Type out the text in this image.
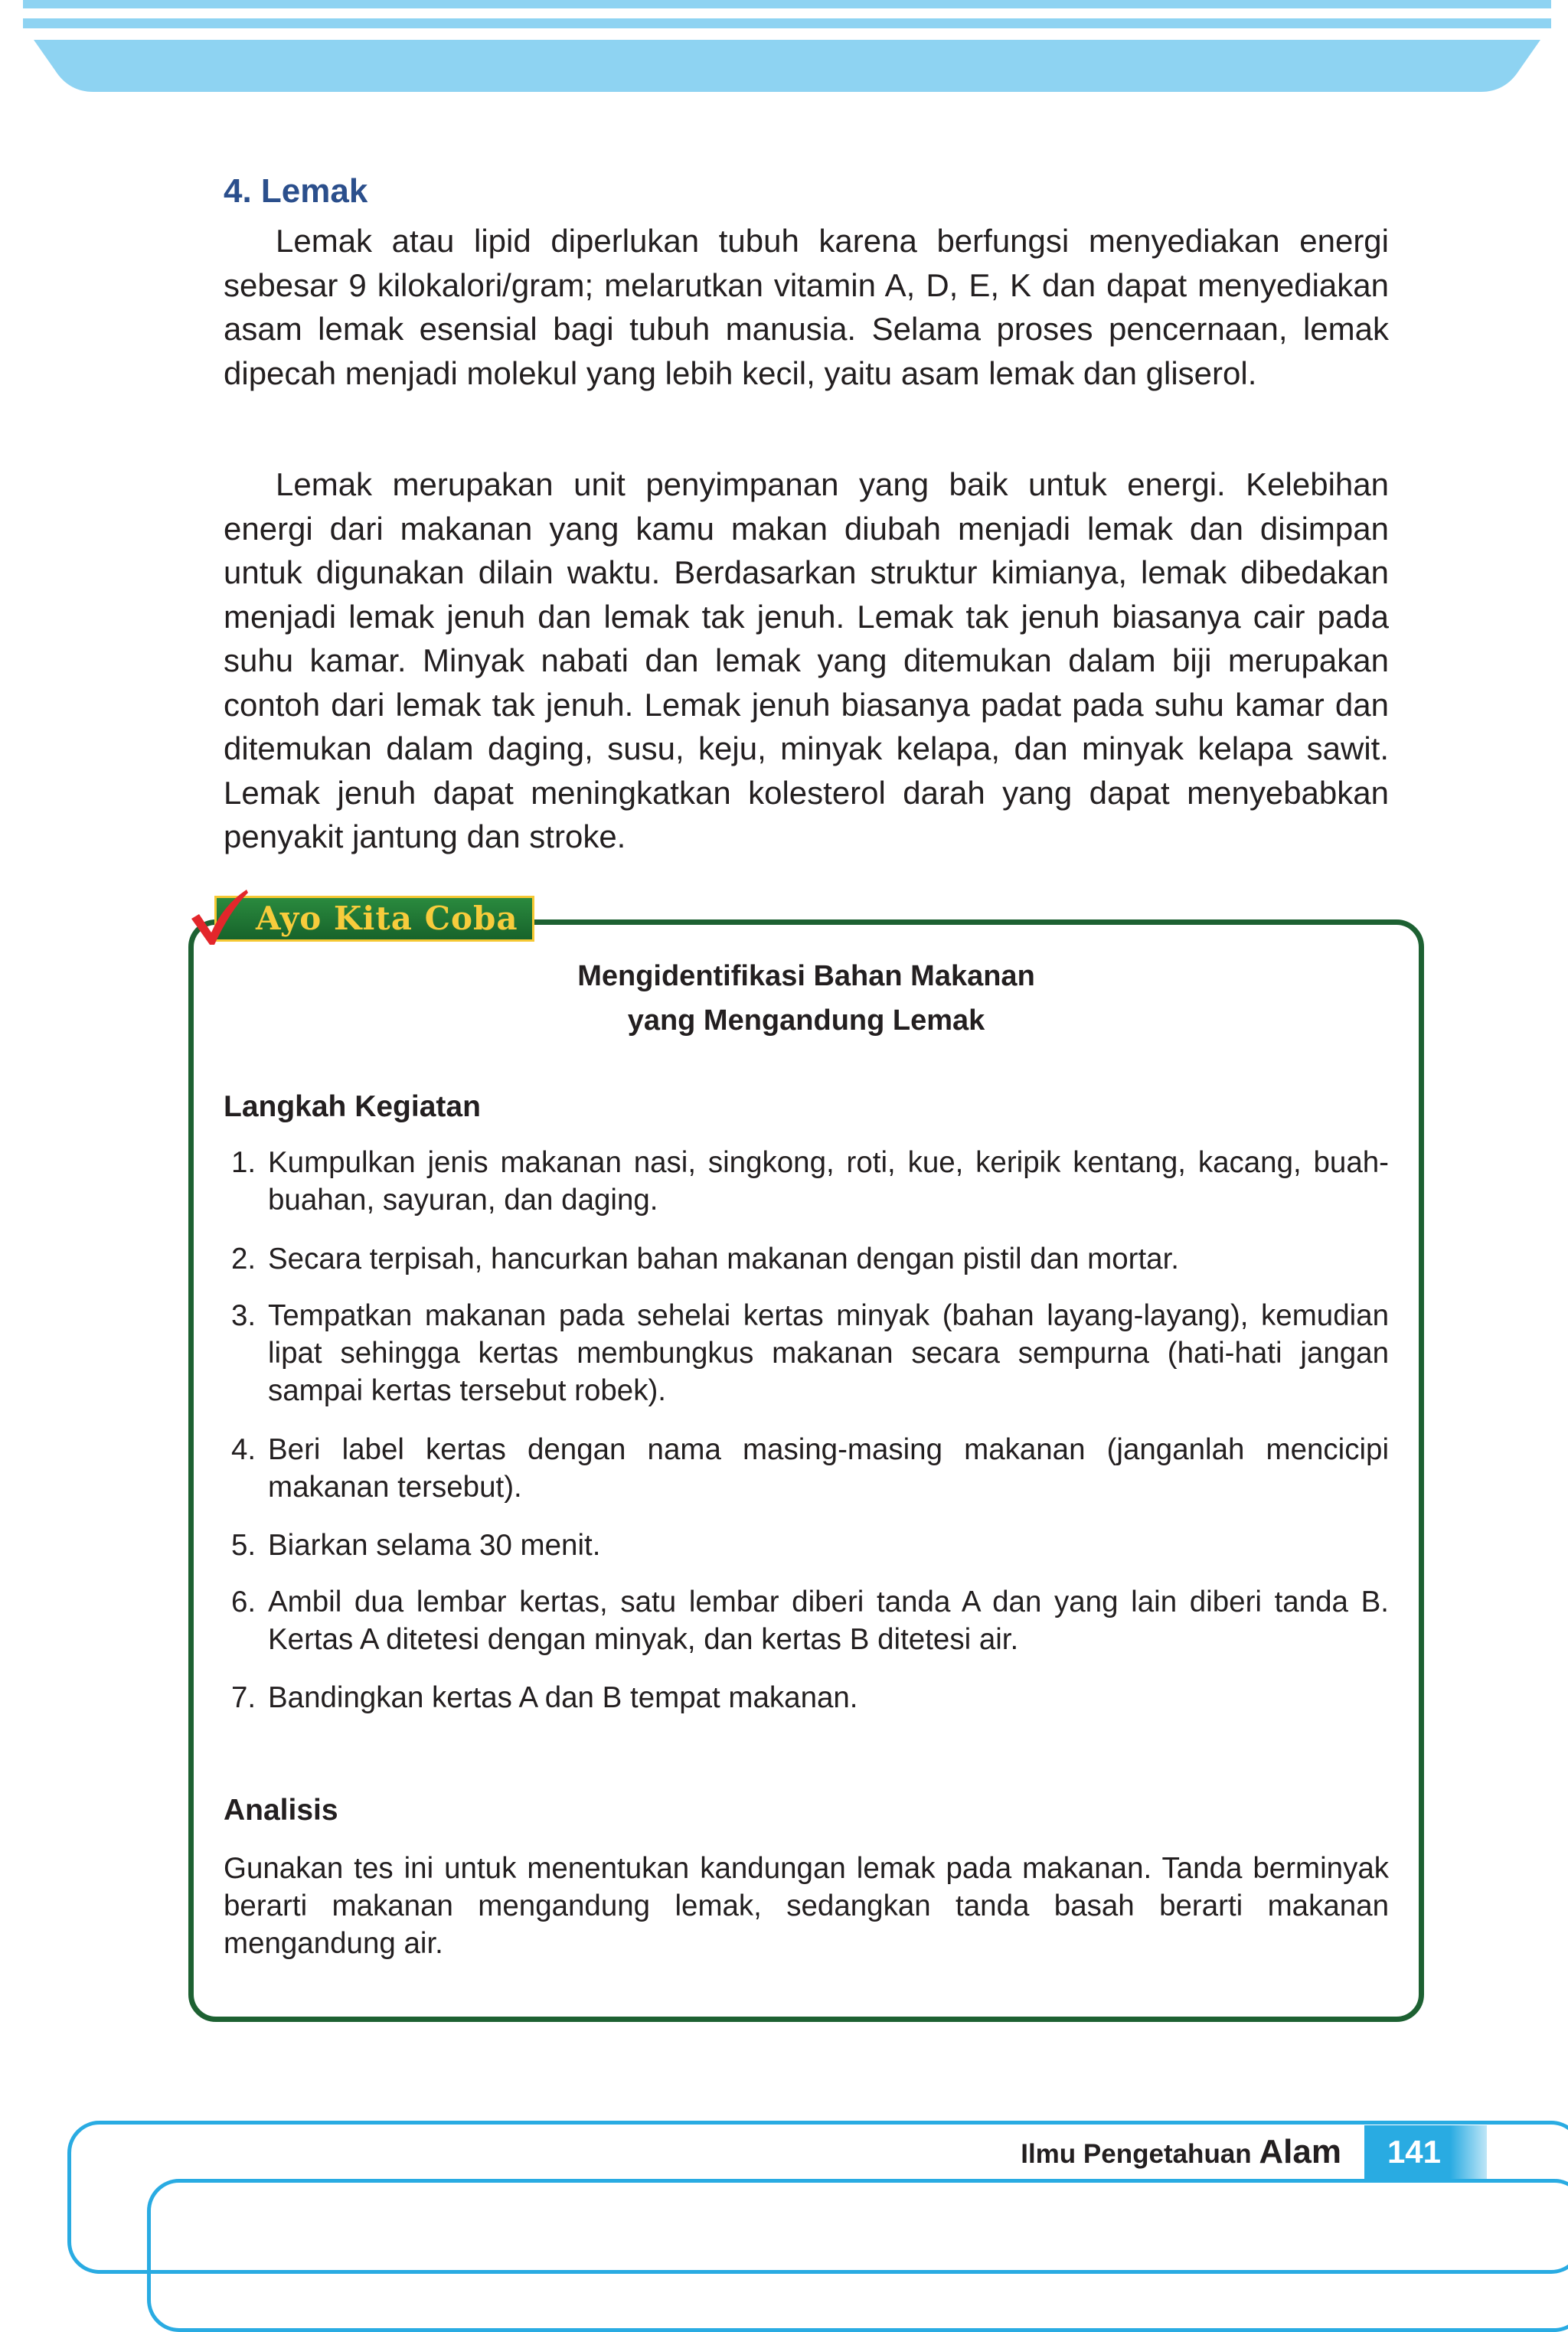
4. Lemak

Lemak atau lipid diperlukan tubuh karena berfungsi menyediakan energi sebesar 9 kilokalori/gram; melarutkan vitamin A, D, E, K dan dapat menyediakan asam lemak esensial bagi tubuh manusia. Selama proses pencernaan, lemak dipecah menjadi molekul yang lebih kecil, yaitu asam lemak dan gliserol.

Lemak merupakan unit penyimpanan yang baik untuk energi. Kelebihan energi dari makanan yang kamu makan diubah menjadi lemak dan disimpan untuk digunakan dilain waktu. Berdasarkan struktur kimianya, lemak dibedakan menjadi lemak jenuh dan lemak tak jenuh. Lemak tak jenuh biasanya cair pada suhu kamar. Minyak nabati dan lemak yang ditemukan dalam biji merupakan contoh dari lemak tak jenuh. Lemak jenuh biasanya padat pada suhu kamar dan ditemukan dalam daging, susu, keju, minyak kelapa, dan minyak kelapa sawit. Lemak jenuh dapat meningkatkan kolesterol darah yang dapat menyebabkan penyakit jantung dan stroke.

Ayo Kita Coba
Mengidentifikasi Bahan Makanan
yang Mengandung Lemak
Langkah Kegiatan
1. Kumpulkan jenis makanan nasi, singkong, roti, kue, keripik kentang, kacang, buah-buahan, sayuran, dan daging.
2. Secara terpisah, hancurkan bahan makanan dengan pistil dan mortar.
3. Tempatkan makanan pada sehelai kertas minyak (bahan layang-layang), kemudian lipat sehingga kertas membungkus makanan secara sempurna (hati-hati jangan sampai kertas tersebut robek).
4. Beri label kertas dengan nama masing-masing makanan (janganlah mencicipi makanan tersebut).
5. Biarkan selama 30 menit.
6. Ambil dua lembar kertas, satu lembar diberi tanda A dan yang lain diberi tanda B. Kertas A ditetesi dengan minyak, dan kertas B ditetesi air.
7. Bandingkan kertas A dan B tempat makanan.
Analisis
Gunakan tes ini untuk menentukan kandungan lemak pada makanan. Tanda berminyak berarti makanan mengandung lemak, sedangkan tanda basah berarti makanan mengandung air.
Ilmu Pengetahuan Alam	141
